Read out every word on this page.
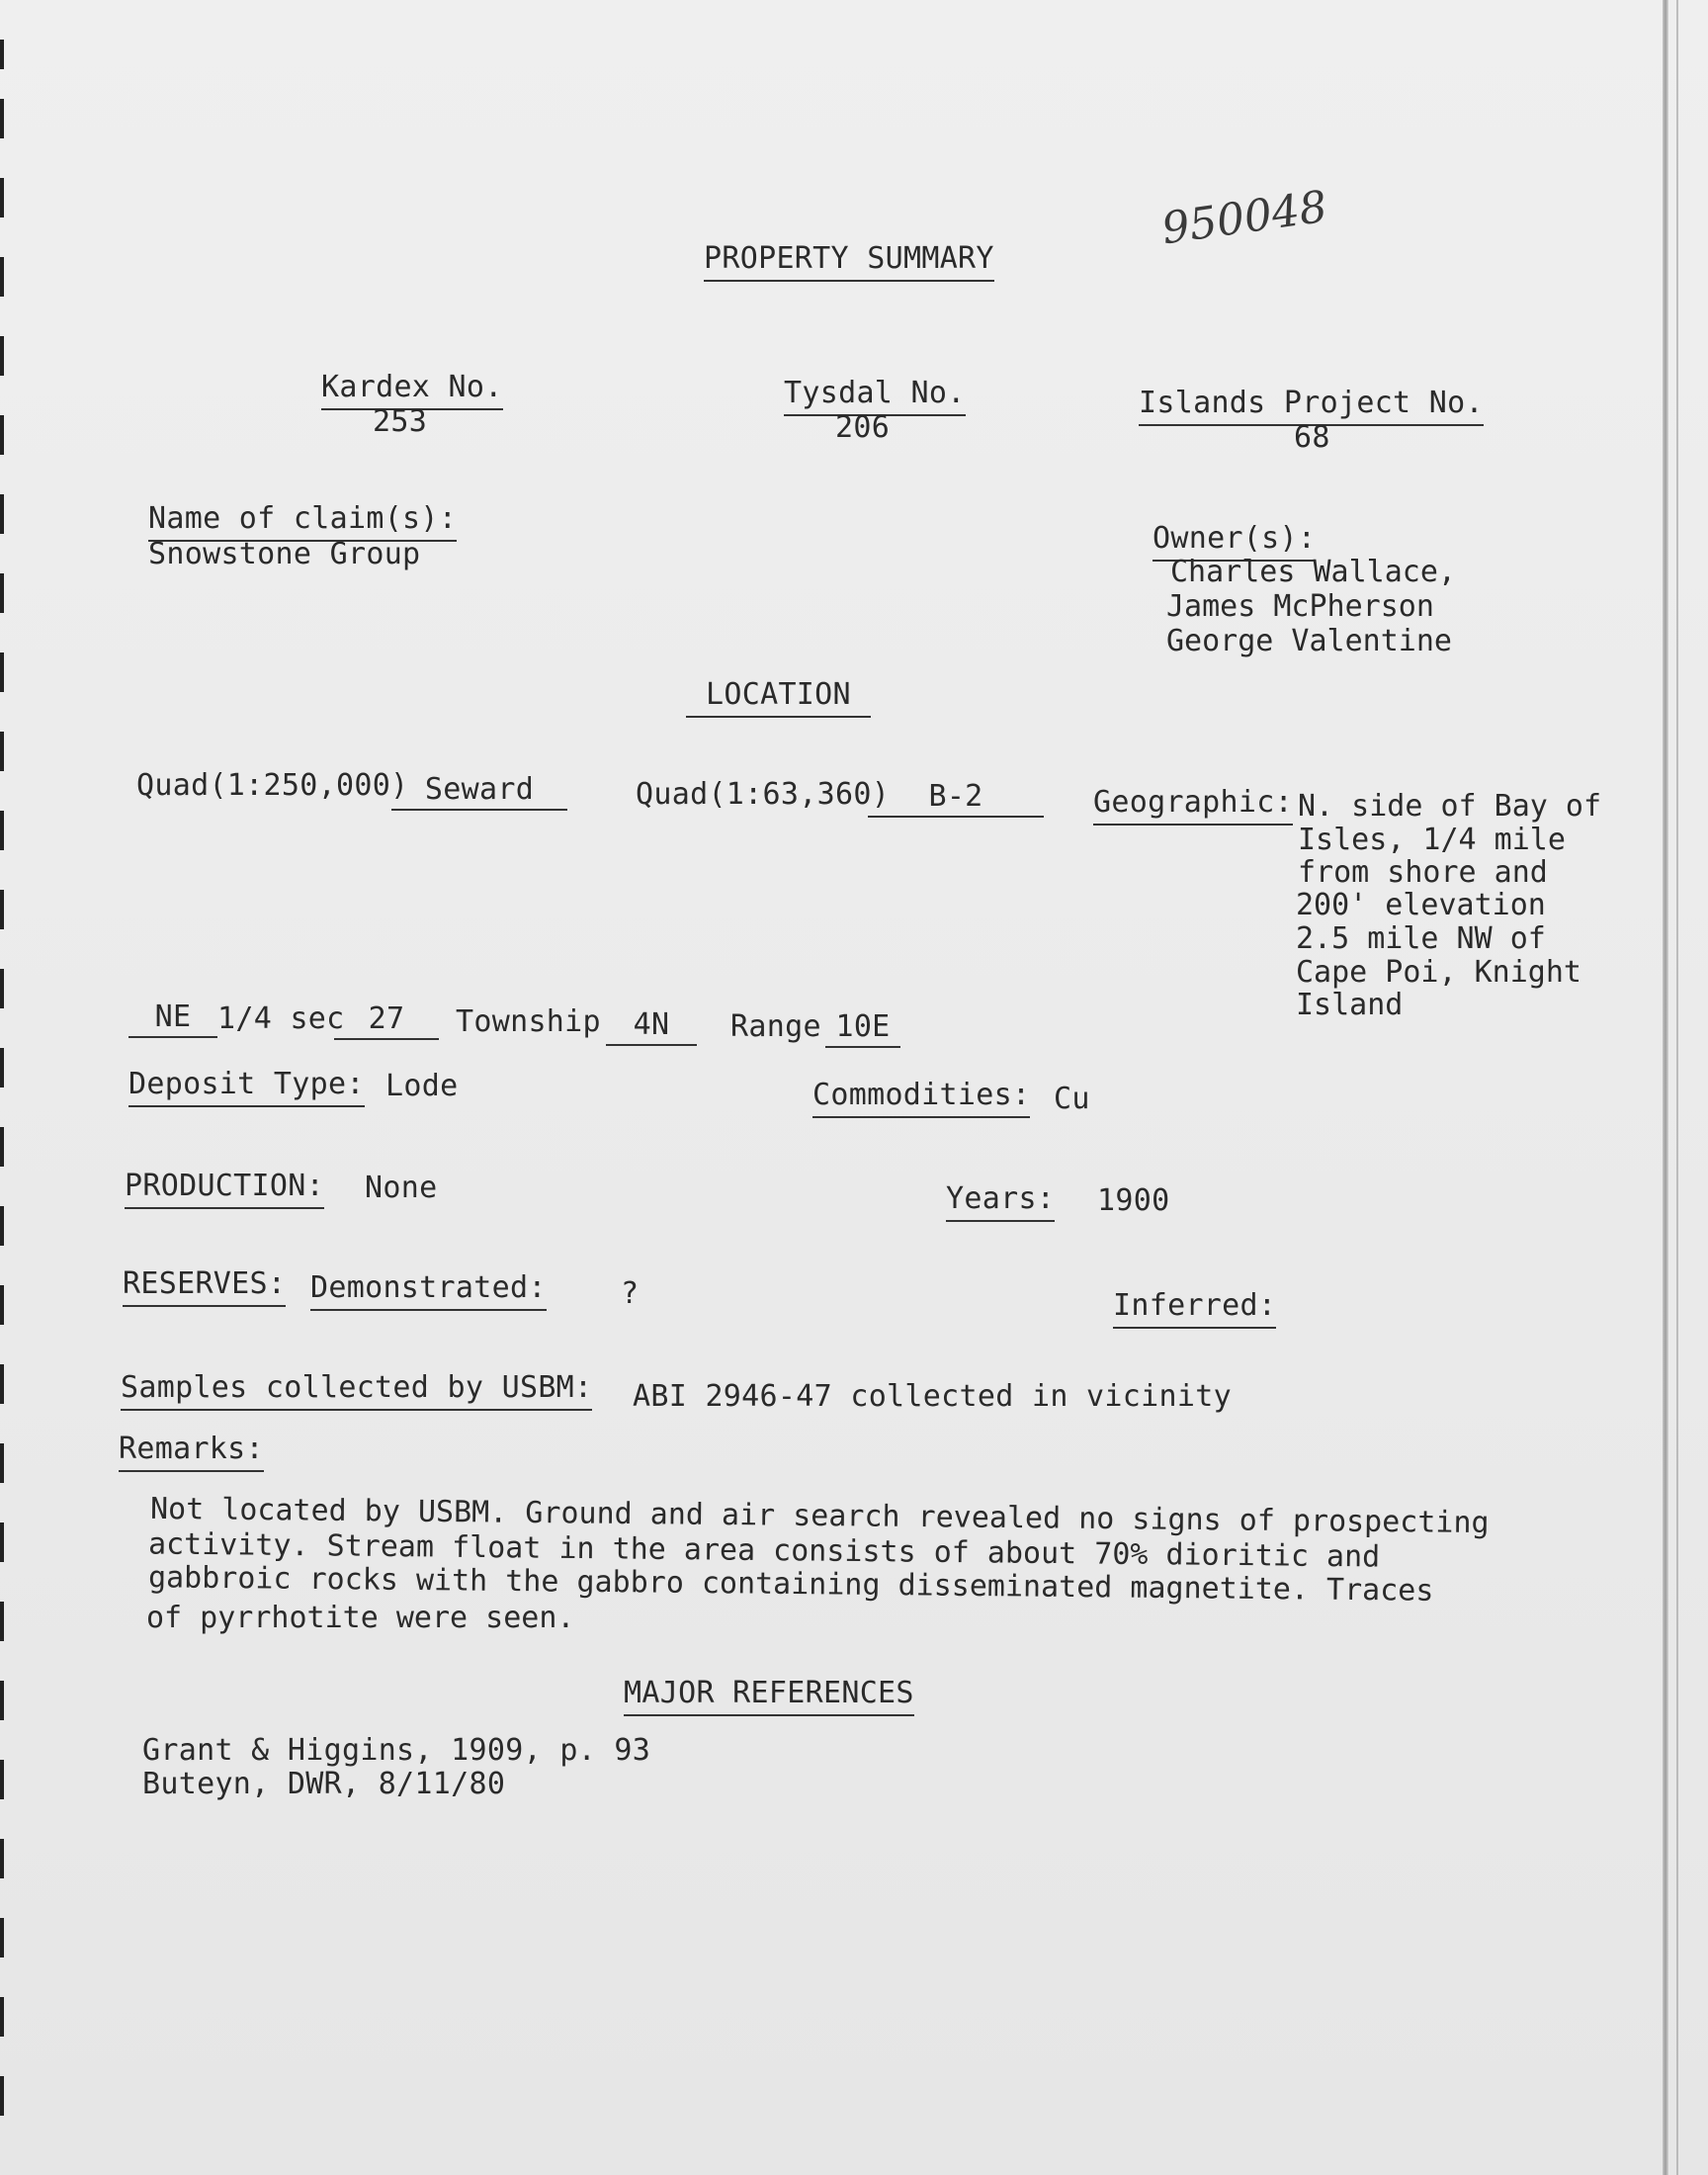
950048
PROPERTY SUMMARY
Kardex No.
253
Tysdal No.
206
Islands Project No.
68
Name of claim(s):
Snowstone Group	Owner(s):
Charles Wallace,
James McPherson
George Valentine
LOCATION
Quad(1:250,000) Seward	Quad(1:63,360)	B-2	Geographic: N. side of Bay of
Isles, 1/4 mile
from shore and
200' elevation
2.5 mile NW of
Cape Poi, Knight
Island
NE 1/4 sec 27	Township	4N	Range 10E
Deposit Type: Lode	Commodities: Cu
PRODUCTION: None	Years: 1900
RESERVES: Demonstrated:	?	Inferred:
Samples collected by USBM: ABI 2946-47 collected in vicinity
Remarks:
Not located by USBM. Ground and air search revealed no signs of prospecting
activity. Stream float in the area consists of about 70% dioritic and
gabbroic rocks with the gabbro containing disseminated magnetite. Traces
of pyrrhotite were seen.
MAJOR REFERENCES
Grant & Higgins, 1909, p. 93
Buteyn, DWR, 8/11/80
